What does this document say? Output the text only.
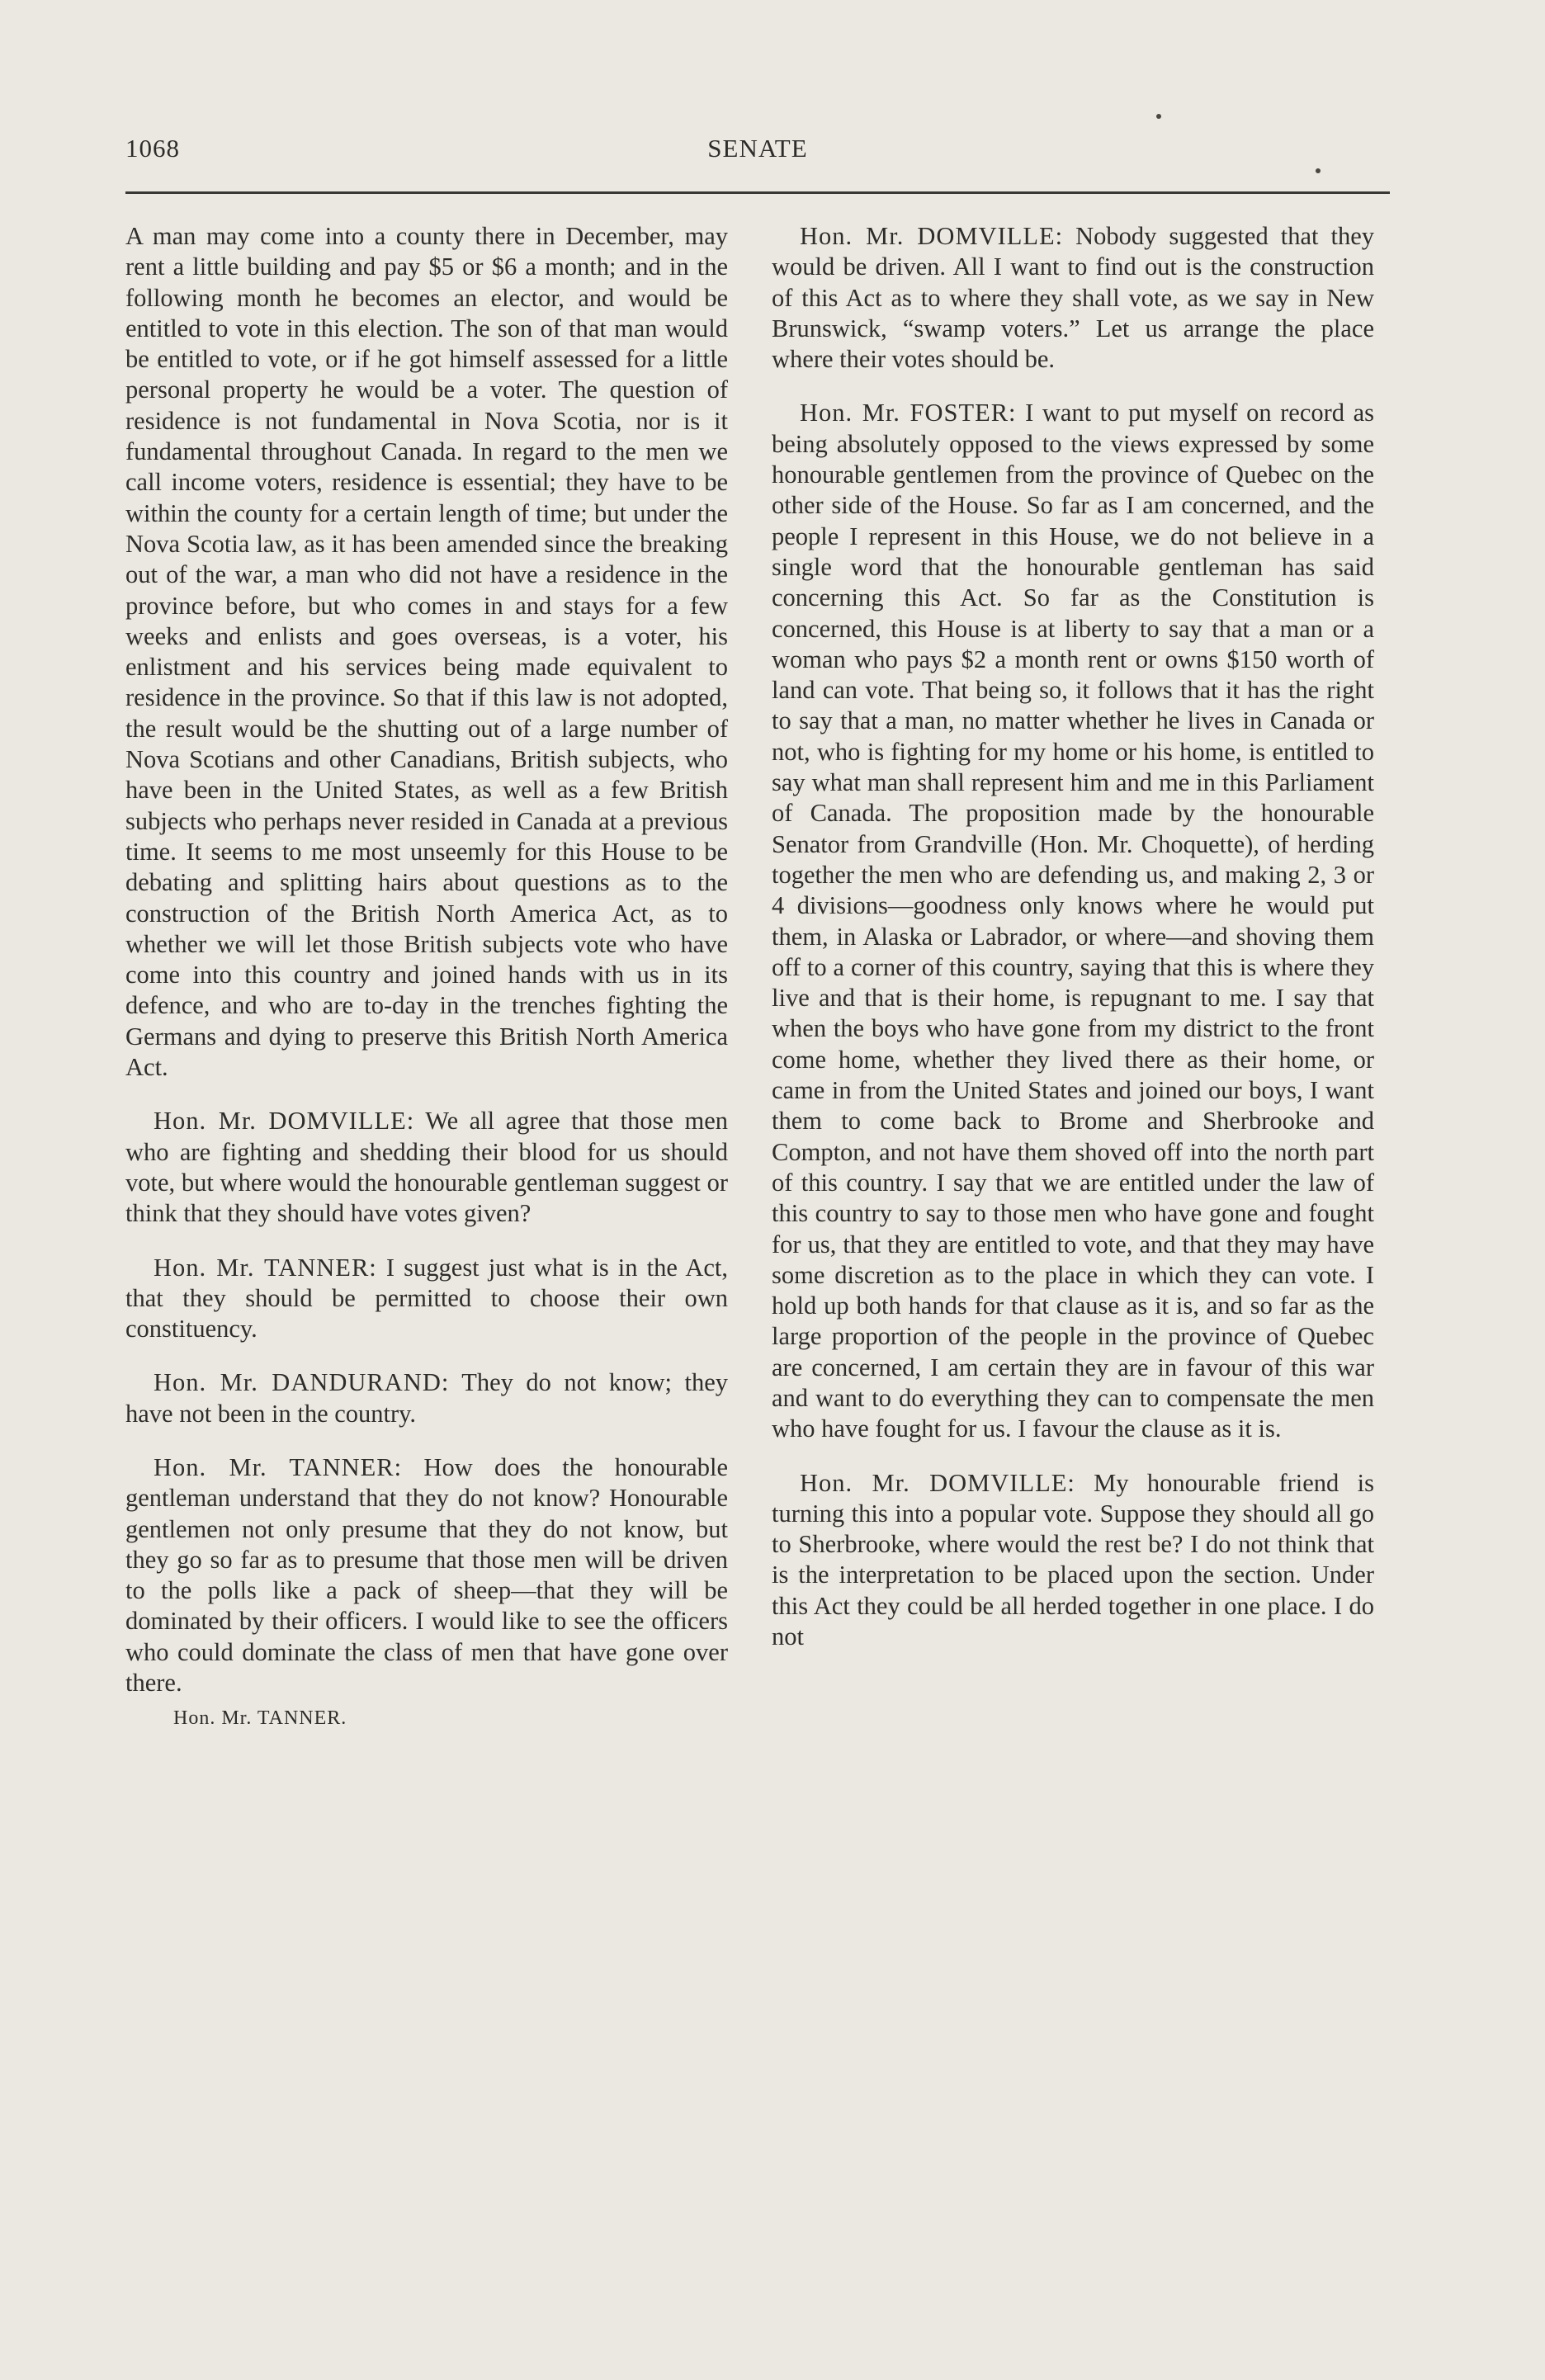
1068	SENATE

A man may come into a county there in December, may rent a little building and pay $5 or $6 a month; and in the following month he becomes an elector, and would be entitled to vote in this election. The son of that man would be entitled to vote, or if he got himself assessed for a little personal property he would be a voter. The question of residence is not fundamental in Nova Scotia, nor is it fundamental throughout Canada. In regard to the men we call income voters, residence is essential; they have to be within the county for a certain length of time; but under the Nova Scotia law, as it has been amended since the breaking out of the war, a man who did not have a residence in the province before, but who comes in and stays for a few weeks and enlists and goes overseas, is a voter, his enlistment and his services being made equivalent to residence in the province. So that if this law is not adopted, the result would be the shutting out of a large number of Nova Scotians and other Canadians, British subjects, who have been in the United States, as well as a few British subjects who perhaps never resided in Canada at a previous time. It seems to me most unseemly for this House to be debating and splitting hairs about questions as to the construction of the British North America Act, as to whether we will let those British subjects vote who have come into this country and joined hands with us in its defence, and who are to-day in the trenches fighting the Germans and dying to preserve this British North America Act.

Hon. Mr. DOMVILLE: We all agree that those men who are fighting and shedding their blood for us should vote, but where would the honourable gentleman suggest or think that they should have votes given?

Hon. Mr. TANNER: I suggest just what is in the Act, that they should be permitted to choose their own constituency.

Hon. Mr. DANDURAND: They do not know; they have not been in the country.

Hon. Mr. TANNER: How does the honourable gentleman understand that they do not know? Honourable gentlemen not only presume that they do not know, but they go so far as to presume that those men will be driven to the polls like a pack of sheep—that they will be dominated by their officers. I would like to see the officers who could dominate the class of men that have gone over there.

Hon. Mr. TANNER.

Hon. Mr. DOMVILLE: Nobody suggested that they would be driven. All I want to find out is the construction of this Act as to where they shall vote, as we say in New Brunswick, “swamp voters.” Let us arrange the place where their votes should be.

Hon. Mr. FOSTER: I want to put myself on record as being absolutely opposed to the views expressed by some honourable gentlemen from the province of Quebec on the other side of the House. So far as I am concerned, and the people I represent in this House, we do not believe in a single word that the honourable gentleman has said concerning this Act. So far as the Constitution is concerned, this House is at liberty to say that a man or a woman who pays $2 a month rent or owns $150 worth of land can vote. That being so, it follows that it has the right to say that a man, no matter whether he lives in Canada or not, who is fighting for my home or his home, is entitled to say what man shall represent him and me in this Parliament of Canada. The proposition made by the honourable Senator from Grandville (Hon. Mr. Choquette), of herding together the men who are defending us, and making 2, 3 or 4 divisions—goodness only knows where he would put them, in Alaska or Labrador, or where—and shoving them off to a corner of this country, saying that this is where they live and that is their home, is repugnant to me. I say that when the boys who have gone from my district to the front come home, whether they lived there as their home, or came in from the United States and joined our boys, I want them to come back to Brome and Sherbrooke and Compton, and not have them shoved off into the north part of this country. I say that we are entitled under the law of this country to say to those men who have gone and fought for us, that they are entitled to vote, and that they may have some discretion as to the place in which they can vote. I hold up both hands for that clause as it is, and so far as the large proportion of the people in the province of Quebec are concerned, I am certain they are in favour of this war and want to do everything they can to compensate the men who have fought for us. I favour the clause as it is.

Hon. Mr. DOMVILLE: My honourable friend is turning this into a popular vote. Suppose they should all go to Sherbrooke, where would the rest be? I do not think that is the interpretation to be placed upon the section. Under this Act they could be all herded together in one place. I do not
